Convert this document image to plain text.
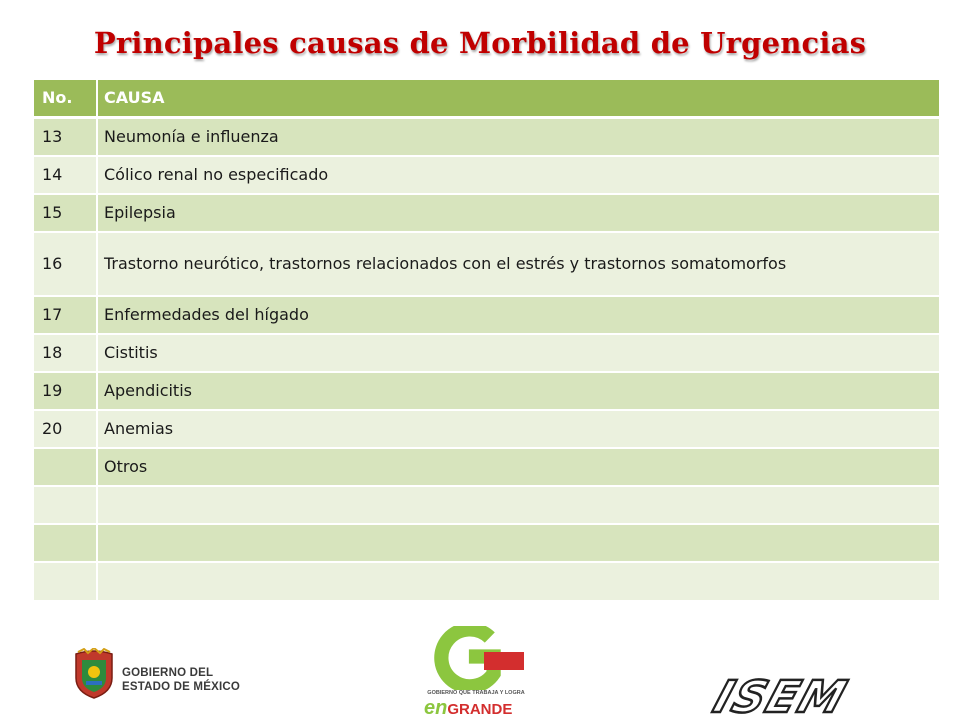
Principales causas de Morbilidad de Urgencias
No.	CAUSA
13	Neumonía e influenza
14	Cólico renal no especificado
15	Epilepsia
16	Trastorno neurótico, trastornos relacionados con el estrés y trastornos somatomorfos
17	Enfermedades del hígado
18	Cistitis
19	Apendicitis
20	Anemias
	Otros

GOBIERNO DEL
ESTADO DE MÉXICO	GOBIERNO QUE TRABAJA Y LOGRA
enGRANDE	ISEM
